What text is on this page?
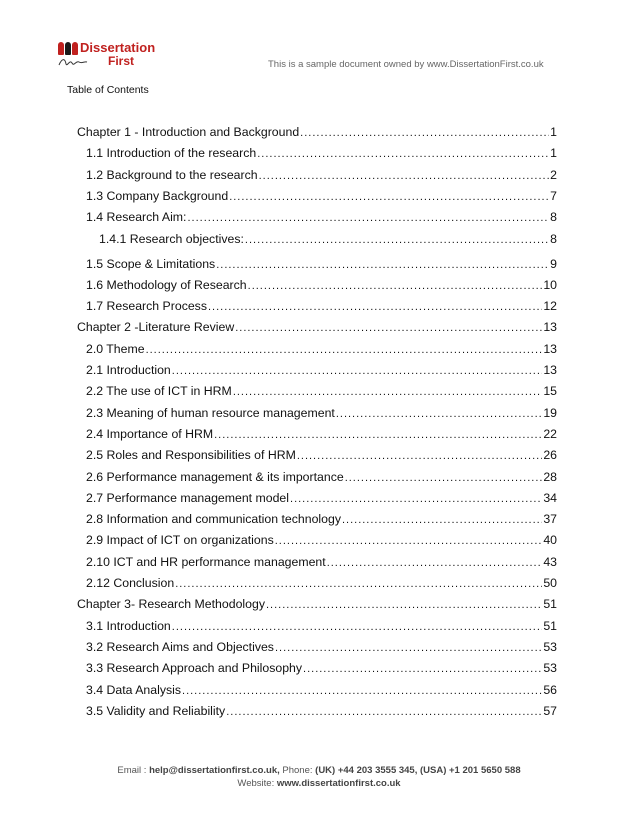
Dissertation
First	This is a sample document owned by www.DissertationFirst.co.uk
Table of Contents
Chapter 1 - Introduction and Background .....	1
1.1 Introduction of the research .....	1
1.2 Background to the research .....	2
1.3 Company Background .....	7
1.4 Research Aim: .....	8
1.4.1 Research objectives: .....	8
1.5 Scope & Limitations .....	9
1.6 Methodology of Research .....	10
1.7 Research Process .....	12
Chapter 2 -Literature Review .....	13
2.0 Theme .....	13
2.1 Introduction .....	13
2.2 The use of ICT in HRM .....	15
2.3 Meaning of human resource management .....	19
2.4 Importance of HRM .....	22
2.5 Roles and Responsibilities of HRM .....	26
2.6 Performance management & its importance .....	28
2.7 Performance management model .....	34
2.8 Information and communication technology .....	37
2.9 Impact of ICT on organizations .....	40
2.10 ICT and HR performance management .....	43
2.12 Conclusion .....	50
Chapter 3- Research Methodology .....	51
3.1 Introduction .....	51
3.2 Research Aims and Objectives .....	53
3.3 Research Approach and Philosophy .....	53
3.4 Data Analysis .....	56
3.5 Validity and Reliability .....	57
Email : help@dissertationfirst.co.uk, Phone: (UK) +44 203 3555 345, (USA) +1 201 5650 588
Website: www.dissertationfirst.co.uk
